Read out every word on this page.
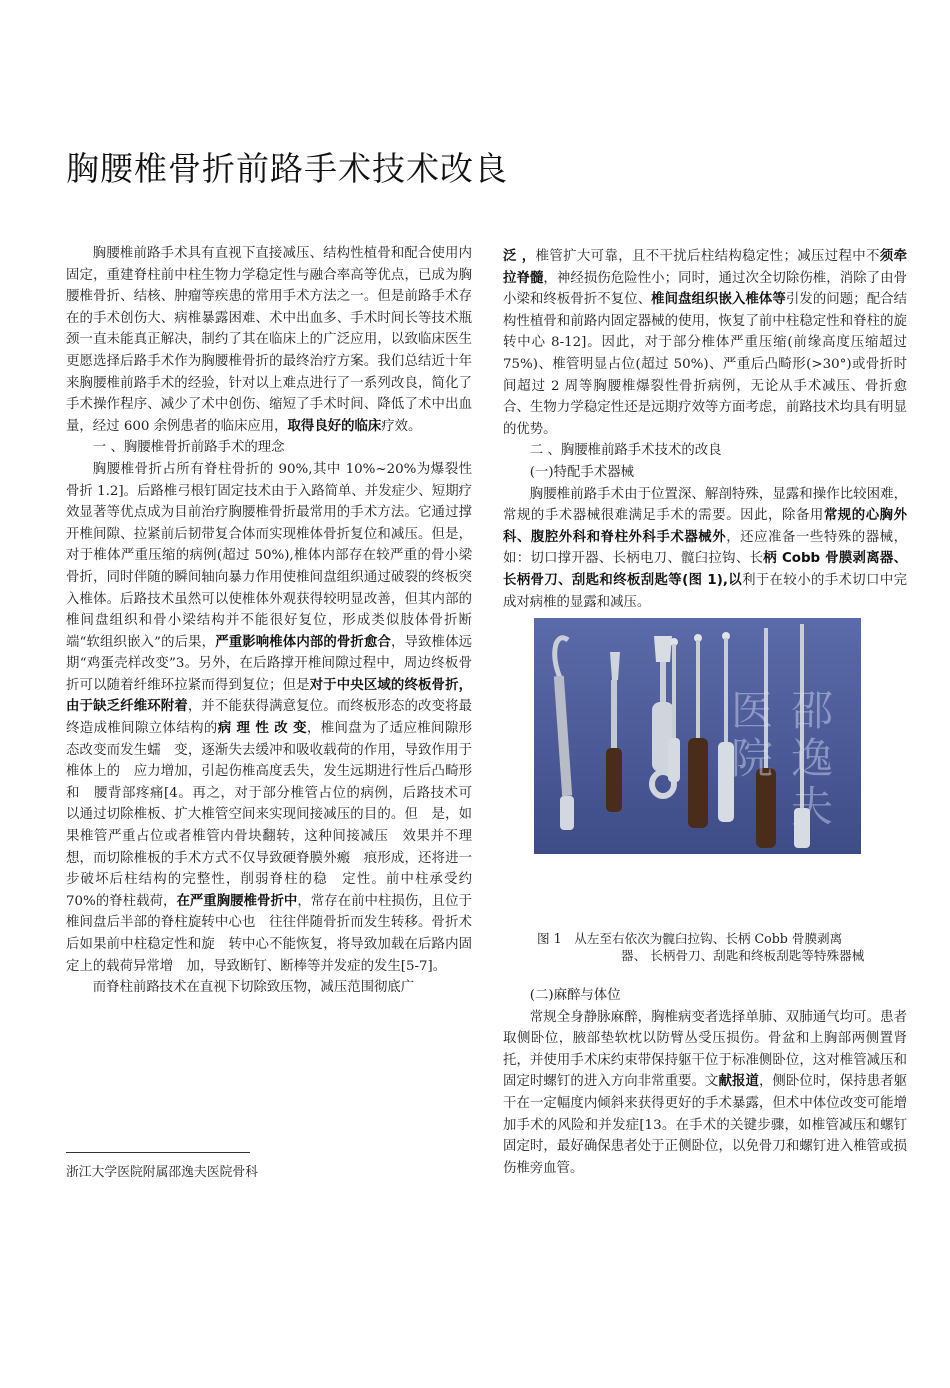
胸腰椎骨折前路手术技术改良

胸腰椎前路手术具有直视下直接减压、结构性植骨和配合使用内固定，重建脊柱前中柱生物力学稳定性与融合率高等优点，已成为胸腰椎骨折、结核、肿瘤等疾患的常用手术方法之一。但是前路手术存在的手术创伤大、病椎暴露困难、术中出血多、手术时间长等技术瓶颈一直未能真正解决，制约了其在临床上的广泛应用，以致临床医生更愿选择后路手术作为胸腰椎骨折的最终治疗方案。我们总结近十年来胸腰椎前路手术的经验，针对以上难点进行了一系列改良，简化了手术操作程序、减少了术中创伤、缩短了手术时间、降低了术中出血量，经过 600 余例患者的临床应用，取得良好的临床疗效。

一 、胸腰椎骨折前路手术的理念

胸腰椎骨折占所有脊柱骨折的 90%,其中 10%~20%为爆裂性骨折 1.2]。后路椎弓根钉固定技术由于入路简单、并发症少、短期疗效显著等优点成为目前治疗胸腰椎骨折最常用的手术方法。它通过撑开椎间隙、拉紧前后韧带复合体而实现椎体骨折复位和减压。但是，对于椎体严重压缩的病例(超过 50%),椎体内部存在较严重的骨小梁骨折，同时伴随的瞬间轴向暴力作用使椎间盘组织通过破裂的终板突入椎体。后路技术虽然可以使椎体外观获得较明显改善，但其内部的椎间盘组织和骨小梁结构并不能很好复位，形成类似肢体骨折断端“软组织嵌入”的后果，严重影响椎体内部的骨折愈合，导致椎体远期“鸡蛋壳样改变”3。另外，在后路撑开椎间隙过程中，周边终板骨折可以随着纤维环拉紧而得到复位；但是对于中央区域的终板骨折，由于缺乏纤维环附着，并不能获得满意复位。而终板形态的改变将最终造成椎间隙立体结构的病 理 性 改 变，椎间盘为了适应椎间隙形态改变而发生蠕　变，逐渐失去缓冲和吸收载荷的作用，导致作用于椎体上的　应力增加，引起伤椎高度丢失，发生远期进行性后凸畸形和　腰背部疼痛[4。再之，对于部分椎管占位的病例，后路技术可　以通过切除椎板、扩大椎管空间来实现间接减压的目的。但　是，如果椎管严重占位或者椎管内骨块翻转，这种间接减压　效果并不理想，而切除椎板的手术方式不仅导致硬脊膜外瘢　痕形成，还将进一步破坏后柱结构的完整性，削弱脊柱的稳　定性。前中柱承受约 70%的脊柱载荷，在严重胸腰椎骨折中，常存在前中柱损伤，且位于椎间盘后半部的脊柱旋转中心也　往往伴随骨折而发生转移。骨折术后如果前中柱稳定性和旋　转中心不能恢复，将导致加载在后路内固定上的载荷异常增　加，导致断钉、断棒等并发症的发生[5-7]。

而脊柱前路技术在直视下切除致压物，减压范围彻底广

泛 ，椎管扩大可靠，且不干扰后柱结构稳定性；减压过程中不须牵拉脊髓，神经损伤危险性小；同时，通过次全切除伤椎，消除了由骨小梁和终板骨折不复位、椎间盘组织嵌入椎体等引发的问题；配合结构性植骨和前路内固定器械的使用，恢复了前中柱稳定性和脊柱的旋转中心 8-12]。因此，对于部分椎体严重压缩(前缘高度压缩超过 75%)、椎管明显占位(超过 50%)、严重后凸畸形(>30°)或骨折时间超过 2 周等胸腰椎爆裂性骨折病例，无论从手术减压、骨折愈合、生物力学稳定性还是远期疗效等方面考虑，前路技术均具有明显的优势。

二 、胸腰椎前路手术技术的改良

(一)特配手术器械

胸腰椎前路手术由于位置深、解剖特殊，显露和操作比较困难，常规的手术器械很难满足手术的需要。因此，除备用常规的心胸外科、腹腔外科和脊柱外科手术器械外，还应准备一些特殊的器械，如：切口撑开器、长柄电刀、髋臼拉钩、长柄 Cobb 骨膜剥离器、长柄骨刀、刮匙和终板刮匙等(图 1),以利于在较小的手术切口中完成对病椎的显露和减压。

邵逸夫医院
图 1　从左至右依次为髋臼拉钩、长柄 Cobb 骨膜剥离
器、 长柄骨刀、刮匙和终板刮匙等特殊器械

(二)麻醉与体位

常规全身静脉麻醉，胸椎病变者选择单肺、双肺通气均可。患者取侧卧位，腋部垫软枕以防臂丛受压损伤。骨盆和上胸部两侧置肾托，并使用手术床约束带保持躯干位于标准侧卧位，这对椎管减压和固定时螺钉的进入方向非常重要。文献报道，侧卧位时，保持患者躯干在一定幅度内倾斜来获得更好的手术暴露，但术中体位改变可能增加手术的风险和并发症[13。在手术的关键步骤，如椎管减压和螺钉固定时，最好确保患者处于正侧卧位，以免骨刀和螺钉进入椎管或损伤椎旁血管。

浙江大学医院附属邵逸夫医院骨科
